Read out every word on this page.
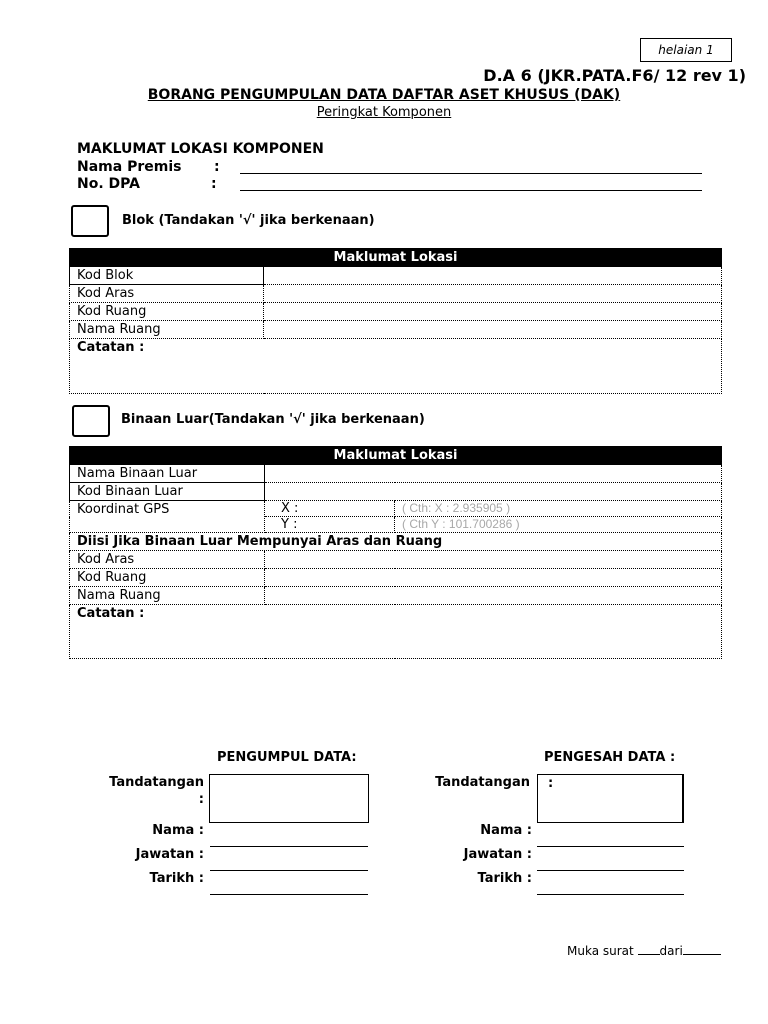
helaian 1
D.A 6 (JKR.PATA.F6/ 12 rev 1)
BORANG PENGUMPULAN DATA DAFTAR ASET KHUSUS (DAK)
Peringkat Komponen
MAKLUMAT LOKASI KOMPONEN
Nama Premis :
No. DPA	:
Blok (Tandakan '√' jika berkenaan)
Maklumat Lokasi	
Kod Blok	
Kod Aras	
Kod Ruang	
Nama Ruang	
Catatan :	
Binaan Luar(Tandakan '√' jika berkenaan)
Maklumat Lokasi		
Nama Binaan Luar		
Kod Binaan Luar		
Koordinat GPS	X :	( Cth: X : 2.935905 )
	Y :	( Cth Y : 101.700286 )
Diisi Jika Binaan Luar Mempunyai Aras dan Ruang		
Kod Aras		
Kod Ruang		
Nama Ruang		
Catatan :		
PENGUMPUL DATA:
Tandatangan
:
Nama :
Jawatan :
Tarikh :
PENGESAH DATA :
Tandatangan :
Nama :
Jawatan :
Tarikh :
Muka surat dari
